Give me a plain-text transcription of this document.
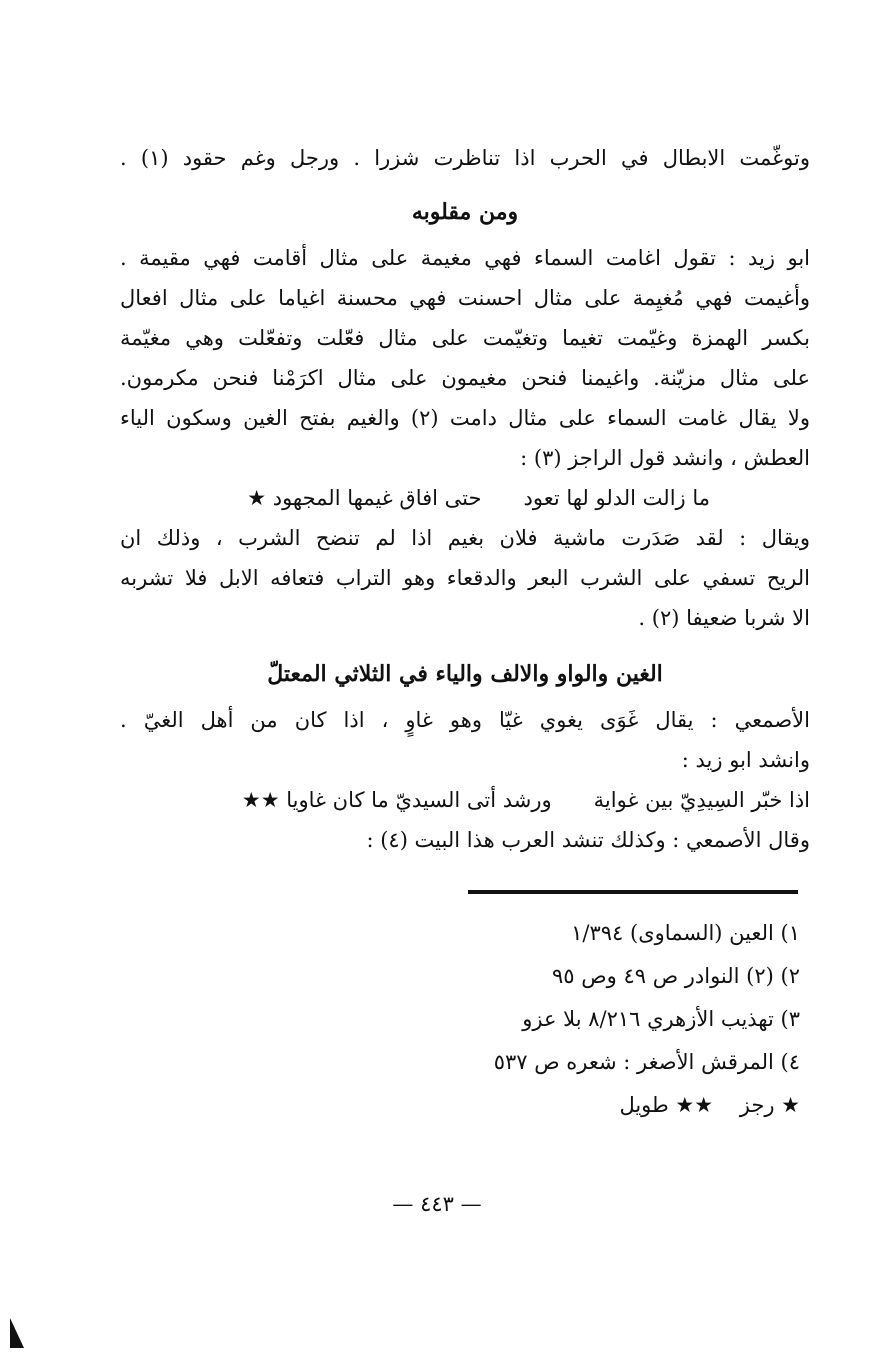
وتوغّمت الابطال في الحرب اذا تناظرت شزرا . ورجل وغم حقود (١) .
ومن مقلوبه
ابو زيد : تقول اغامت السماء فهي مغيمة على مثال أقامت فهي مقيمة .
وأغيمت فهي مُغيِمة على مثال احسنت فهي محسنة اغياما على مثال افعال
بكسر الهمزة وغيّمت تغيما وتغيّمت على مثال فعّلت وتفعّلت وهي مغيّمة
على مثال مزيّنة. واغيمنا فنحن مغيمون على مثال اكرَمْنا فنحن مكرمون.
ولا يقال غامت السماء على مثال دامت (٢) والغيم بفتح الغين وسكون الياء
العطش ، وانشد قول الراجز (٣) :
ما زالت الدلو لها تعود
حتى افاق غيمها المجهود ★
ويقال : لقد صَدَرت ماشية فلان بغيم اذا لم تنضح الشرب ، وذلك ان
الريح تسفي على الشرب البعر والدقعاء وهو التراب فتعافه الابل فلا تشربه
الا شربا ضعيفا (٢) .
الغين والواو والالف والياء في الثلاثي المعتلّ
الأصمعي : يقال غَوَى يغوي غيّا وهو غاوٍ ، اذا كان من أهل الغيّ .
وانشد ابو زيد :
اذا خبّر السِيدِيّ بين غواية
ورشد أتى السيديّ ما كان غاويا ★★
وقال الأصمعي : وكذلك تنشد العرب هذا البيت (٤) :
١) العين (السماوى) ١/٣٩٤
٢) (٢) النوادر ص ٤٩ وص ٩٥
٣) تهذيب الأزهري ٨/٢١٦ بلا عزو
٤) المرقش الأصغر : شعره ص ٥٣٧
★ رجز    ★★ طويل
— ٤٤٣ —
